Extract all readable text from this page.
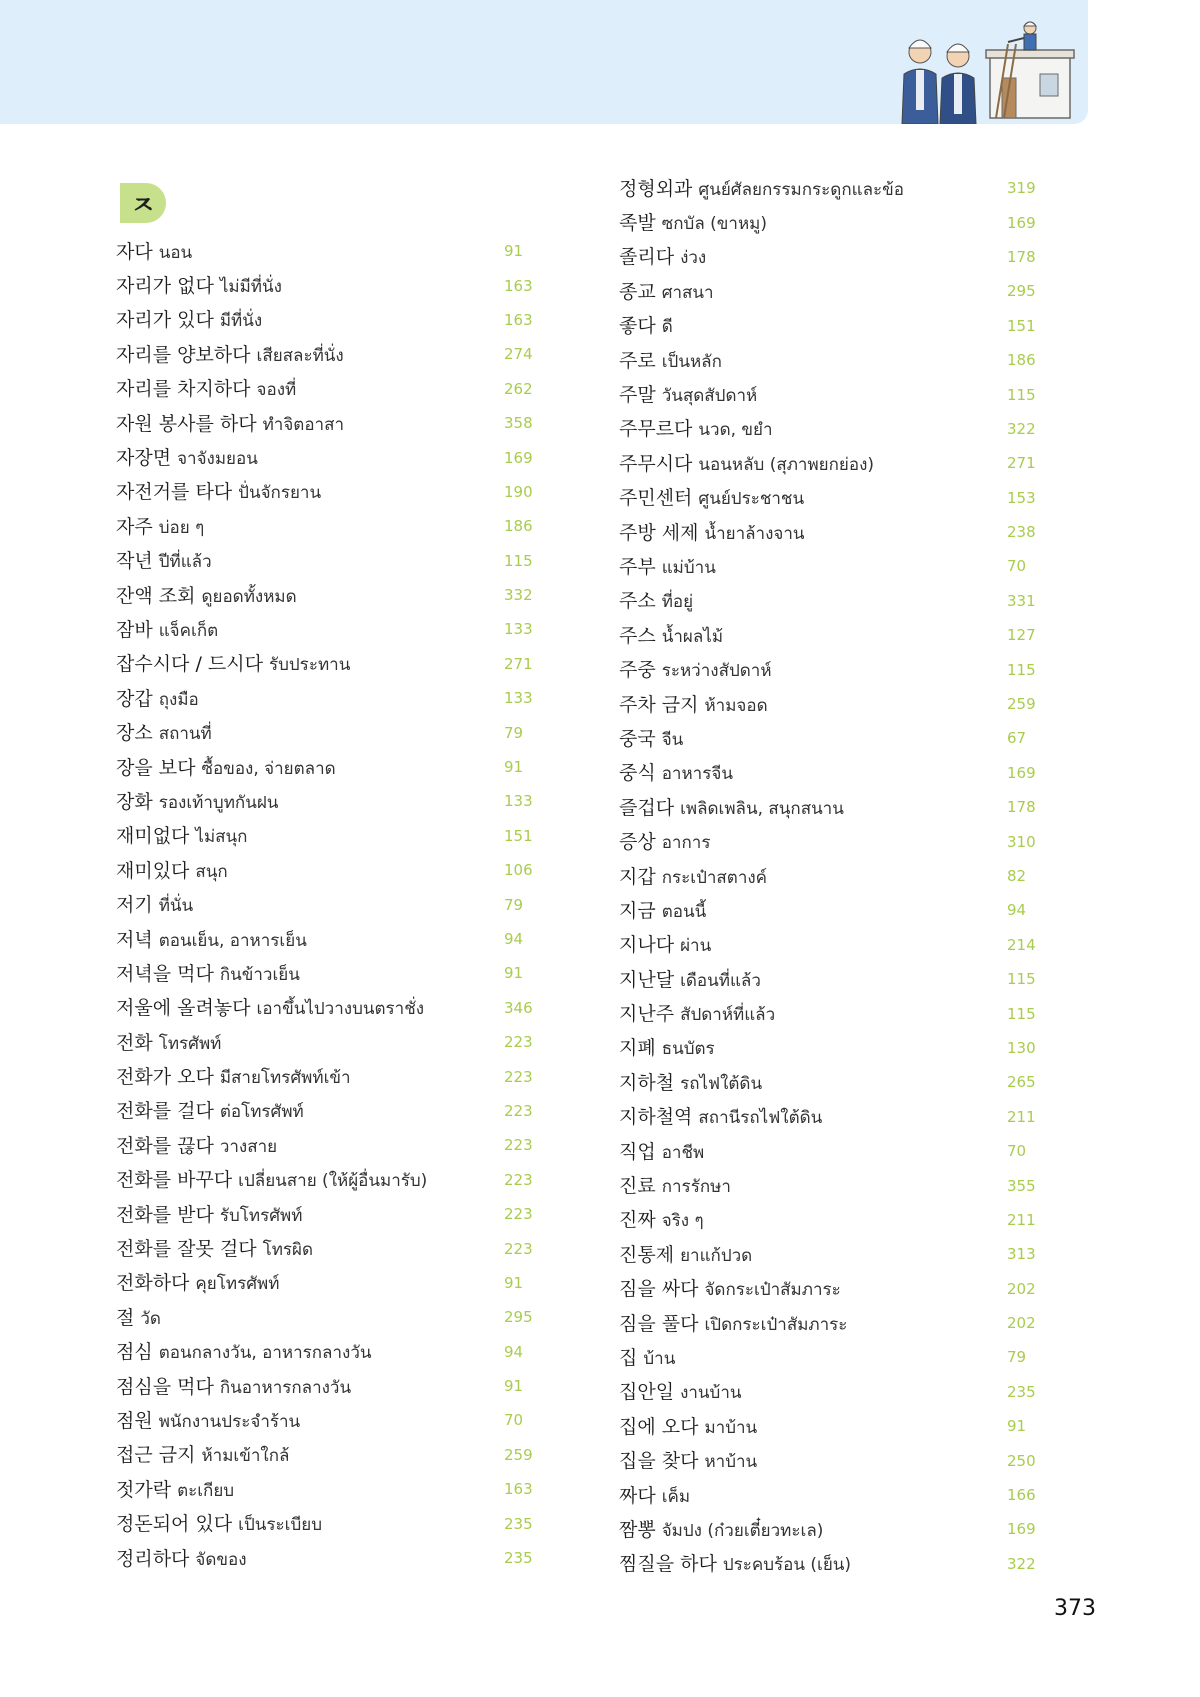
ㅈ
자다 นอน	91
자리가 없다 ไม่มีที่นั่ง	163
자리가 있다 มีที่นั่ง	163
자리를 양보하다 เสียสละที่นั่ง	274
자리를 차지하다 จองที่	262
자원 봉사를 하다 ทำจิตอาสา	358
자장면 จาจังมยอน	169
자전거를 타다 ปั่นจักรยาน	190
자주 บ่อย ๆ	186
작년 ปีที่แล้ว	115
잔액 조회 ดูยอดทั้งหมด	332
잠바 แจ็คเก็ต	133
잡수시다 / 드시다 รับประทาน	271
장갑 ถุงมือ	133
장소 สถานที่	79
장을 보다 ซื้อของ, จ่ายตลาด	91
장화 รองเท้าบูทกันฝน	133
재미없다 ไม่สนุก	151
재미있다 สนุก	106
저기 ที่นั่น	79
저녁 ตอนเย็น, อาหารเย็น	94
저녁을 먹다 กินข้าวเย็น	91
저울에 올려놓다 เอาขึ้นไปวางบนตราชั่ง	346
전화 โทรศัพท์	223
전화가 오다 มีสายโทรศัพท์เข้า	223
전화를 걸다 ต่อโทรศัพท์	223
전화를 끊다 วางสาย	223
전화를 바꾸다 เปลี่ยนสาย (ให้ผู้อื่นมารับ)	223
전화를 받다 รับโทรศัพท์	223
전화를 잘못 걸다 โทรผิด	223
전화하다 คุยโทรศัพท์	91
절 วัด	295
점심 ตอนกลางวัน, อาหารกลางวัน	94
점심을 먹다 กินอาหารกลางวัน	91
점원 พนักงานประจำร้าน	70
접근 금지 ห้ามเข้าใกล้	259
젓가락 ตะเกียบ	163
정돈되어 있다 เป็นระเบียบ	235
정리하다 จัดของ	235
정형외과 ศูนย์ศัลยกรรมกระดูกและข้อ	319
족발 ซกบัล (ขาหมู)	169
졸리다 ง่วง	178
종교 ศาสนา	295
좋다 ดี	151
주로 เป็นหลัก	186
주말 วันสุดสัปดาห์	115
주무르다 นวด, ขยำ	322
주무시다 นอนหลับ (สุภาพยกย่อง)	271
주민센터 ศูนย์ประชาชน	153
주방 세제 น้ำยาล้างจาน	238
주부 แม่บ้าน	70
주소 ที่อยู่	331
주스 น้ำผลไม้	127
주중 ระหว่างสัปดาห์	115
주차 금지 ห้ามจอด	259
중국 จีน	67
중식 อาหารจีน	169
즐겁다 เพลิดเพลิน, สนุกสนาน	178
증상 อาการ	310
지갑 กระเป๋าสตางค์	82
지금 ตอนนี้	94
지나다 ผ่าน	214
지난달 เดือนที่แล้ว	115
지난주 สัปดาห์ที่แล้ว	115
지폐 ธนบัตร	130
지하철 รถไฟใต้ดิน	265
지하철역 สถานีรถไฟใต้ดิน	211
직업 อาชีพ	70
진료 การรักษา	355
진짜 จริง ๆ	211
진통제 ยาแก้ปวด	313
짐을 싸다 จัดกระเป๋าสัมภาระ	202
짐을 풀다 เปิดกระเป๋าสัมภาระ	202
집 บ้าน	79
집안일 งานบ้าน	235
집에 오다 มาบ้าน	91
집을 찾다 หาบ้าน	250
짜다 เค็ม	166
짬뽕 จัมปง (ก๋วยเตี๋ยวทะเล)	169
찜질을 하다 ประคบร้อน (เย็น)	322
373
